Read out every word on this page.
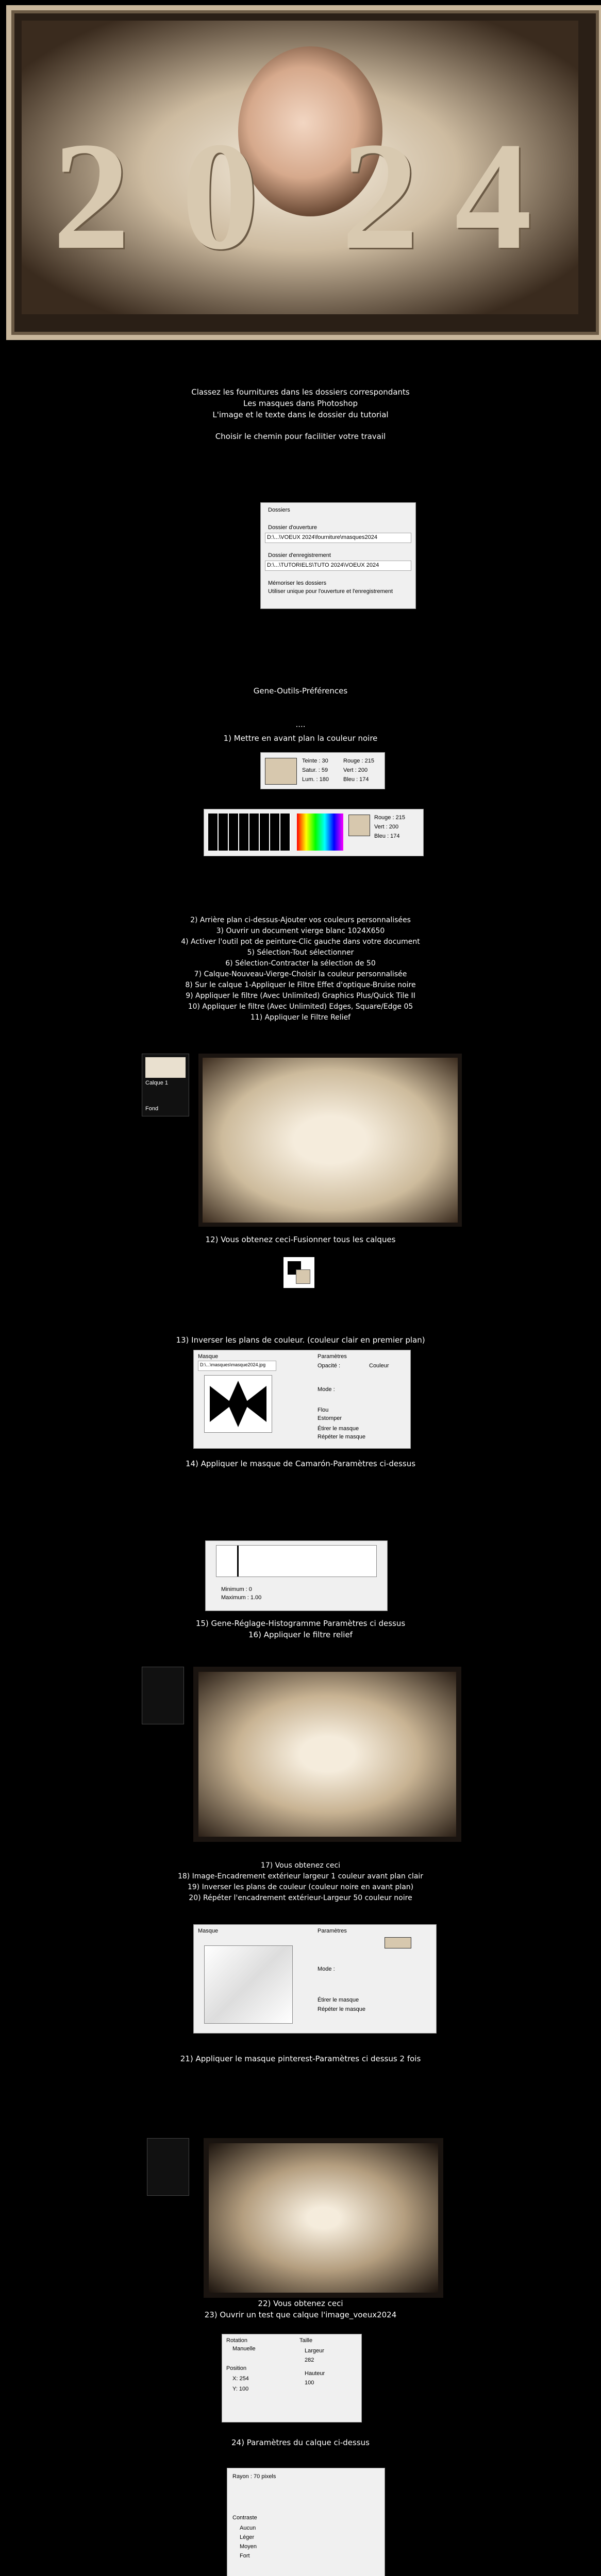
2 0 2 4
Classez les fournitures dans les dossiers correspondants
Les masques dans Photoshop
L'image et le texte dans le dossier du tutorial
Choisir le chemin pour facilitier votre travail
Dossiers
Dossier d'ouverture
D:\...\VOEUX 2024\fourniture\masques2024
Dossier d'enregistrement
D:\...\TUTORIELS\TUTO 2024\VOEUX 2024
Mémoriser les dossiers
Utiliser unique pour l'ouverture et l'enregistrement
Gene-Outils-Préférences
....
1) Mettre en avant plan la couleur noire
Teinte : 30	Rouge : 215
Satur. : 59	Vert : 200
Lum. : 180	Bleu : 174
Rouge : 215
Vert : 200
Bleu : 174
2) Arrière plan ci-dessus-Ajouter vos couleurs personnalisées
3) Ouvrir un document vierge blanc 1024X650
4) Activer l'outil pot de peinture-Clic gauche dans votre document
5) Sélection-Tout sélectionner
6) Sélection-Contracter la sélection de 50
7) Calque-Nouveau-Vierge-Choisir la couleur personnalisée
8) Sur le calque 1-Appliquer le Filtre Effet d'optique-Bruise noire
9) Appliquer le filtre (Avec Unlimited) Graphics Plus/Quick Tile II
10) Appliquer le filtre (Avec Unlimited) Edges, Square/Edge 05
11) Appliquer le Filtre Relief
Calque 1
Fond
12) Vous obtenez ceci-Fusionner tous les calques
13) Inverser les plans de couleur. (couleur clair en premier plan)
Masque
D:\...\masques\masque2024.jpg
Paramètres
Opacité :	Couleur
Mode :
Flou
Estomper
Étirer le masque
Répéter le masque
14) Appliquer le masque de Camarón-Paramètres ci-dessus
Minimum : 0
Maximum : 1.00
15) Gene-Réglage-Histogramme Paramètres ci dessus
16) Appliquer le filtre relief
17) Vous obtenez ceci
18) Image-Encadrement extérieur largeur 1 couleur avant plan clair
19) Inverser les plans de couleur (couleur noire en avant plan)
20) Répéter l'encadrement extérieur-Largeur 50 couleur noire
Masque	Paramètres
Mode :
Étirer le masque
Répéter le masque
21) Appliquer le masque pinterest-Paramètres ci dessus 2 fois
22) Vous obtenez ceci
23) Ouvrir un test que calque l'image_voeux2024
Rotation
Manuelle
Position
X: 254
Y: 100
Taille
Largeur
282
Hauteur
100
24) Paramètres du calque ci-dessus
Rayon : 70 pixels
Contraste
Aucun
Léger
Moyen
Fort
